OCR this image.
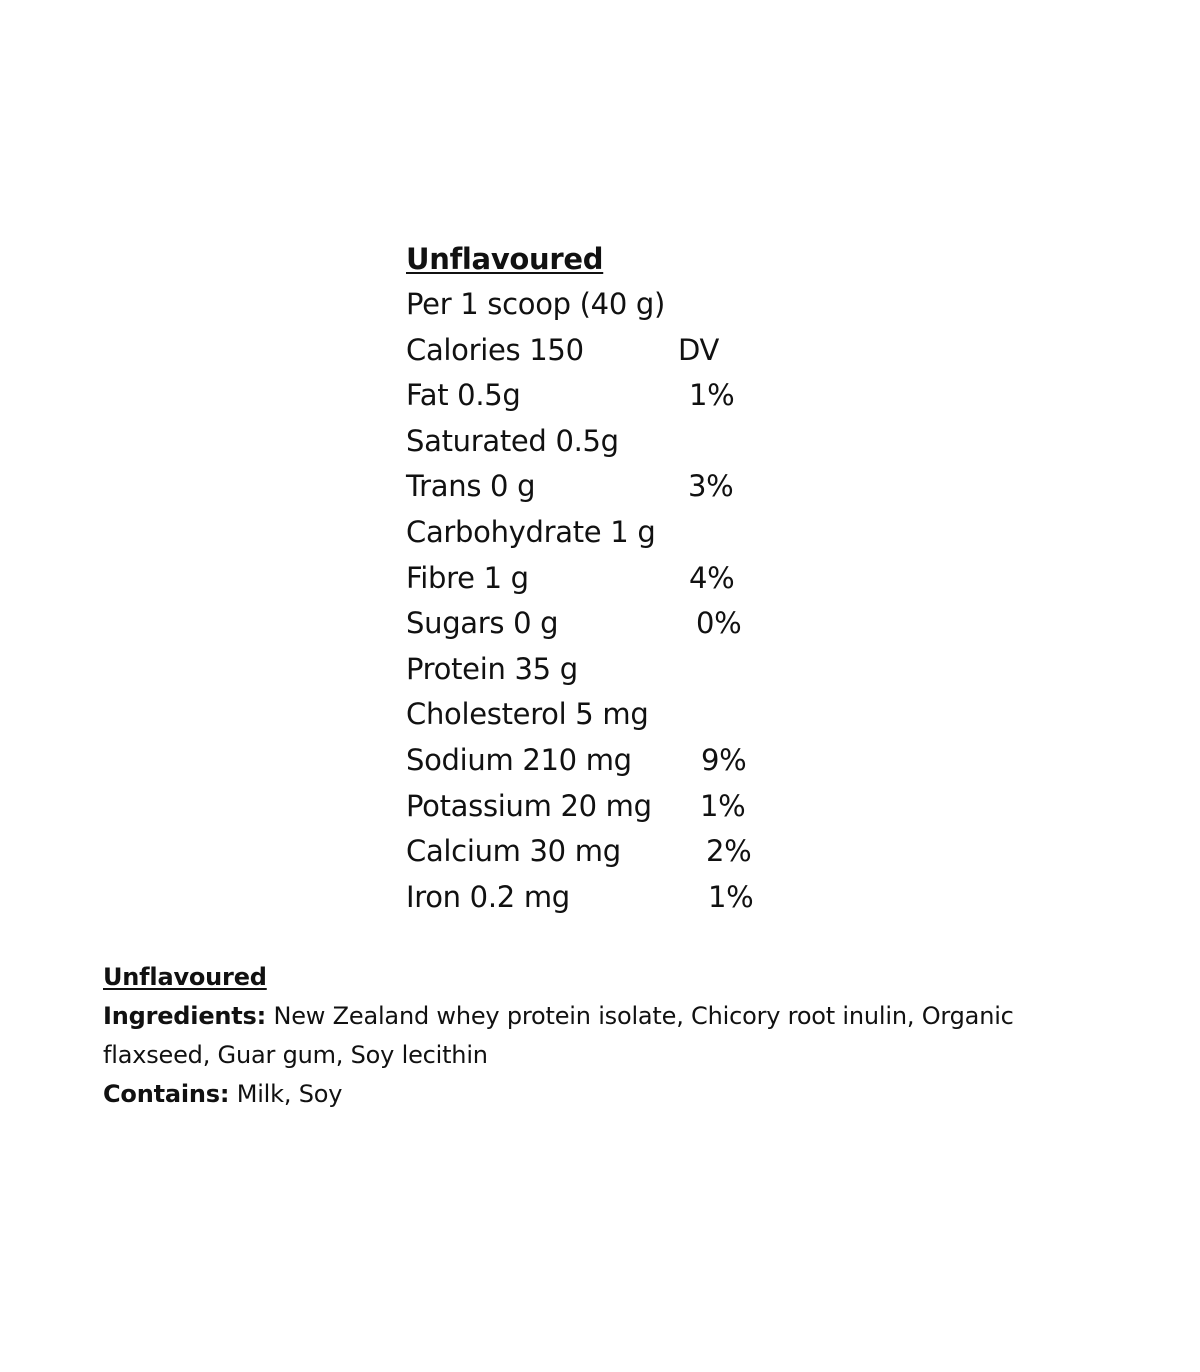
Unflavoured
Per 1 scoop (40 g)
Calories 150	DV
Fat 0.5g	1%
Saturated 0.5g
Trans 0 g	3%
Carbohydrate 1 g
Fibre 1 g	4%
Sugars 0 g	0%
Protein 35 g
Cholesterol 5 mg
Sodium 210 mg 9%
Potassium 20 mg 1%
Calcium 30 mg	2%
Iron 0.2 mg	1%
Unflavoured
Ingredients: New Zealand whey protein isolate, Chicory root inulin, Organic flaxseed, Guar gum, Soy lecithin
Contains: Milk, Soy
